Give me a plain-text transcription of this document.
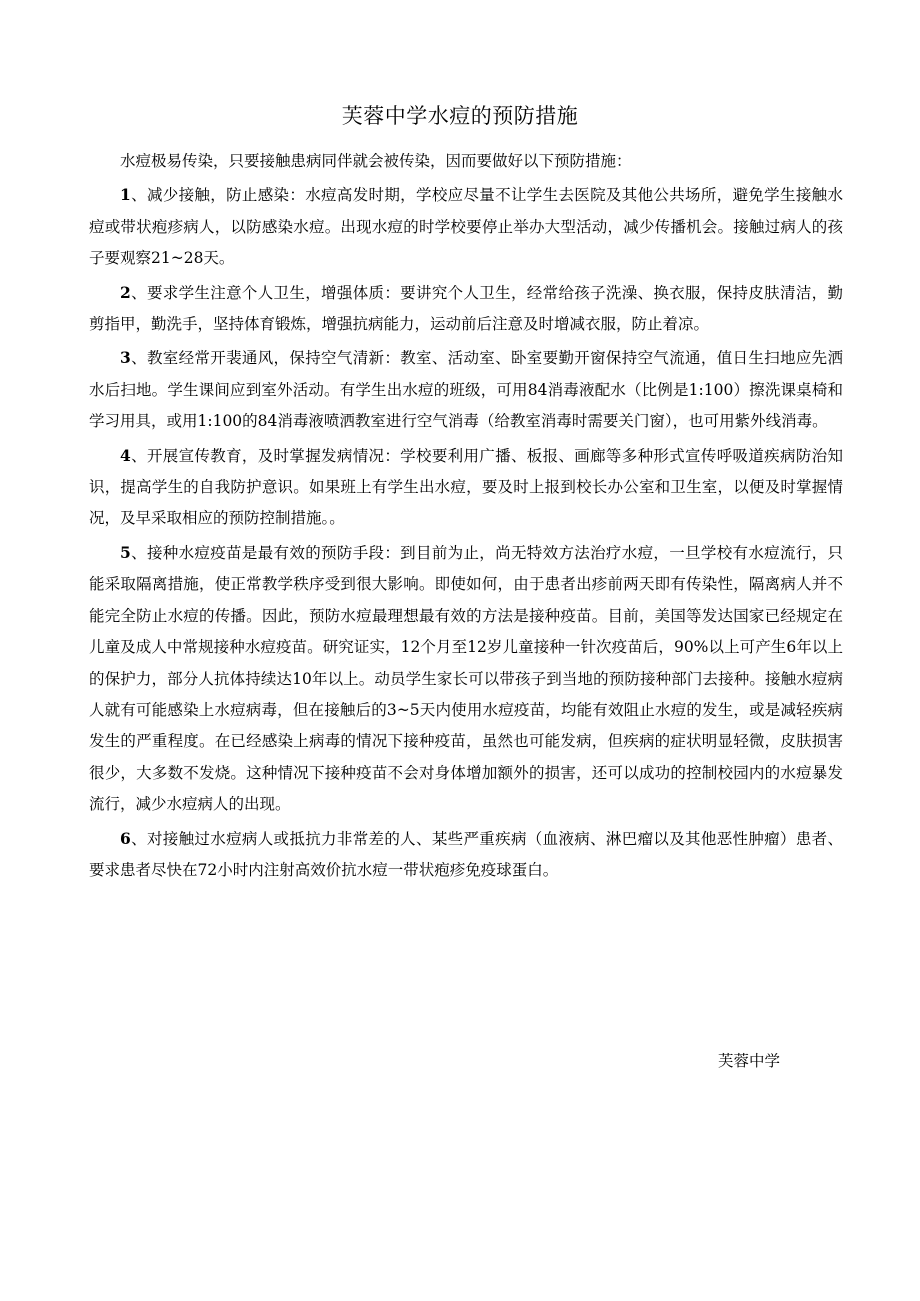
芙蓉中学水痘的预防措施

水痘极易传染，只要接触患病同伴就会被传染，因而要做好以下预防措施：

1、减少接触，防止感染：水痘高发时期，学校应尽量不让学生去医院及其他公共场所，避免学生接触水痘或带状疱疹病人，以防感染水痘。出现水痘的时学校要停止举办大型活动，减少传播机会。接触过病人的孩子要观察21~28天。

2、要求学生注意个人卫生，增强体质：要讲究个人卫生，经常给孩子洗澡、换衣服，保持皮肤清洁，勤剪指甲，勤洗手，坚持体育锻炼，增强抗病能力，运动前后注意及时增减衣服，防止着凉。

3、教室经常开裴通风，保持空气清新：教室、活动室、卧室要勤开窗保持空气流通，值日生扫地应先洒水后扫地。学生课间应到室外活动。有学生出水痘的班级，可用84消毒液配水（比例是1:100）擦洗课桌椅和学习用具，或用1:100的84消毒液喷洒教室进行空气消毒（给教室消毒时需要关门窗），也可用紫外线消毒。

4、开展宣传教育，及时掌握发病情况：学校要利用广播、板报、画廊等多种形式宣传呼吸道疾病防治知识，提高学生的自我防护意识。如果班上有学生出水痘，要及时上报到校长办公室和卫生室，以便及时掌握情况，及早采取相应的预防控制措施。。

5、接种水痘疫苗是最有效的预防手段：到目前为止，尚无特效方法治疗水痘，一旦学校有水痘流行，只能采取隔离措施，使正常教学秩序受到很大影响。即使如何，由于患者出疹前两天即有传染性，隔离病人并不能完全防止水痘的传播。因此，预防水痘最理想最有效的方法是接种疫苗。目前，美国等发达国家已经规定在儿童及成人中常规接种水痘疫苗。研究证实，12个月至12岁儿童接种一针次疫苗后，90%以上可产生6年以上的保护力，部分人抗体持续达10年以上。动员学生家长可以带孩子到当地的预防接种部门去接种。接触水痘病人就有可能感染上水痘病毒，但在接触后的3~5天内使用水痘疫苗，均能有效阻止水痘的发生，或是减轻疾病发生的严重程度。在已经感染上病毒的情况下接种疫苗，虽然也可能发病，但疾病的症状明显轻微，皮肤损害很少，大多数不发烧。这种情况下接种疫苗不会对身体增加额外的损害，还可以成功的控制校园内的水痘暴发流行，减少水痘病人的出现。

6、对接触过水痘病人或抵抗力非常差的人、某些严重疾病（血液病、淋巴瘤以及其他恶性肿瘤）患者、要求患者尽快在72小时内注射高效价抗水痘一带状疱疹免疫球蛋白。

芙蓉中学
